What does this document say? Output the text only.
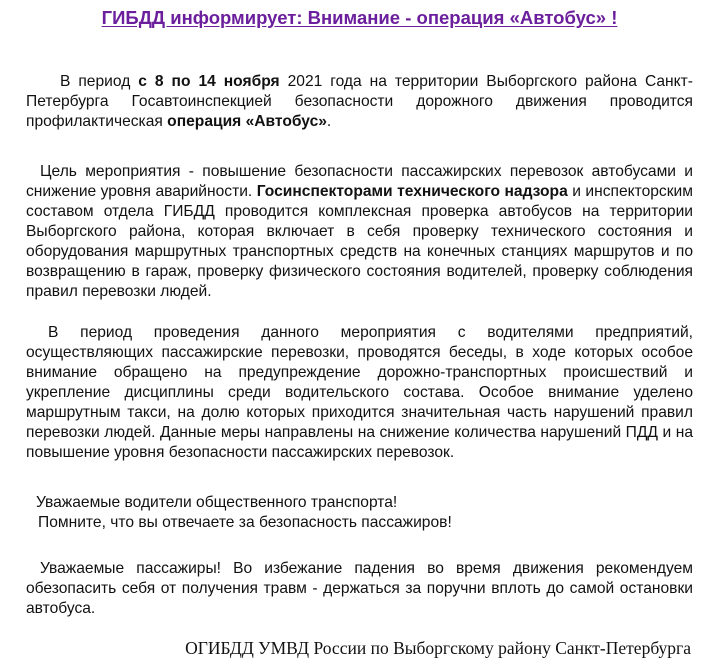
ГИБДД информирует: Внимание - операция «Автобус» !

В период с 8 по 14 ноября 2021 года на территории Выборгского района Санкт-Петербурга Госавтоинспекцией безопасности дорожного движения проводится профилактическая операция «Автобус».

Цель мероприятия - повышение безопасности пассажирских перевозок автобусами и снижение уровня аварийности. Госинспекторами технического надзора и инспекторским составом отдела ГИБДД проводится комплексная проверка автобусов на территории Выборгского района, которая включает в себя проверку технического состояния и оборудования маршрутных транспортных средств на конечных станциях маршрутов и по возвращению в гараж, проверку физического состояния водителей, проверку соблюдения правил перевозки людей.

В период проведения данного мероприятия с водителями предприятий, осуществляющих пассажирские перевозки, проводятся беседы, в ходе которых особое внимание обращено на предупреждение дорожно-транспортных происшествий и укрепление дисциплины среди водительского состава. Особое внимание уделено маршрутным такси, на долю которых приходится значительная часть нарушений правил перевозки людей. Данные меры направлены на снижение количества нарушений ПДД и на повышение уровня безопасности пассажирских перевозок.

Уважаемые водители общественного транспорта!
Помните, что вы отвечаете за безопасность пассажиров!

Уважаемые пассажиры! Во избежание падения во время движения рекомендуем обезопасить себя от получения травм - держаться за поручни вплоть до самой остановки автобуса.

ОГИБДД УМВД России по Выборгскому району Санкт-Петербурга
